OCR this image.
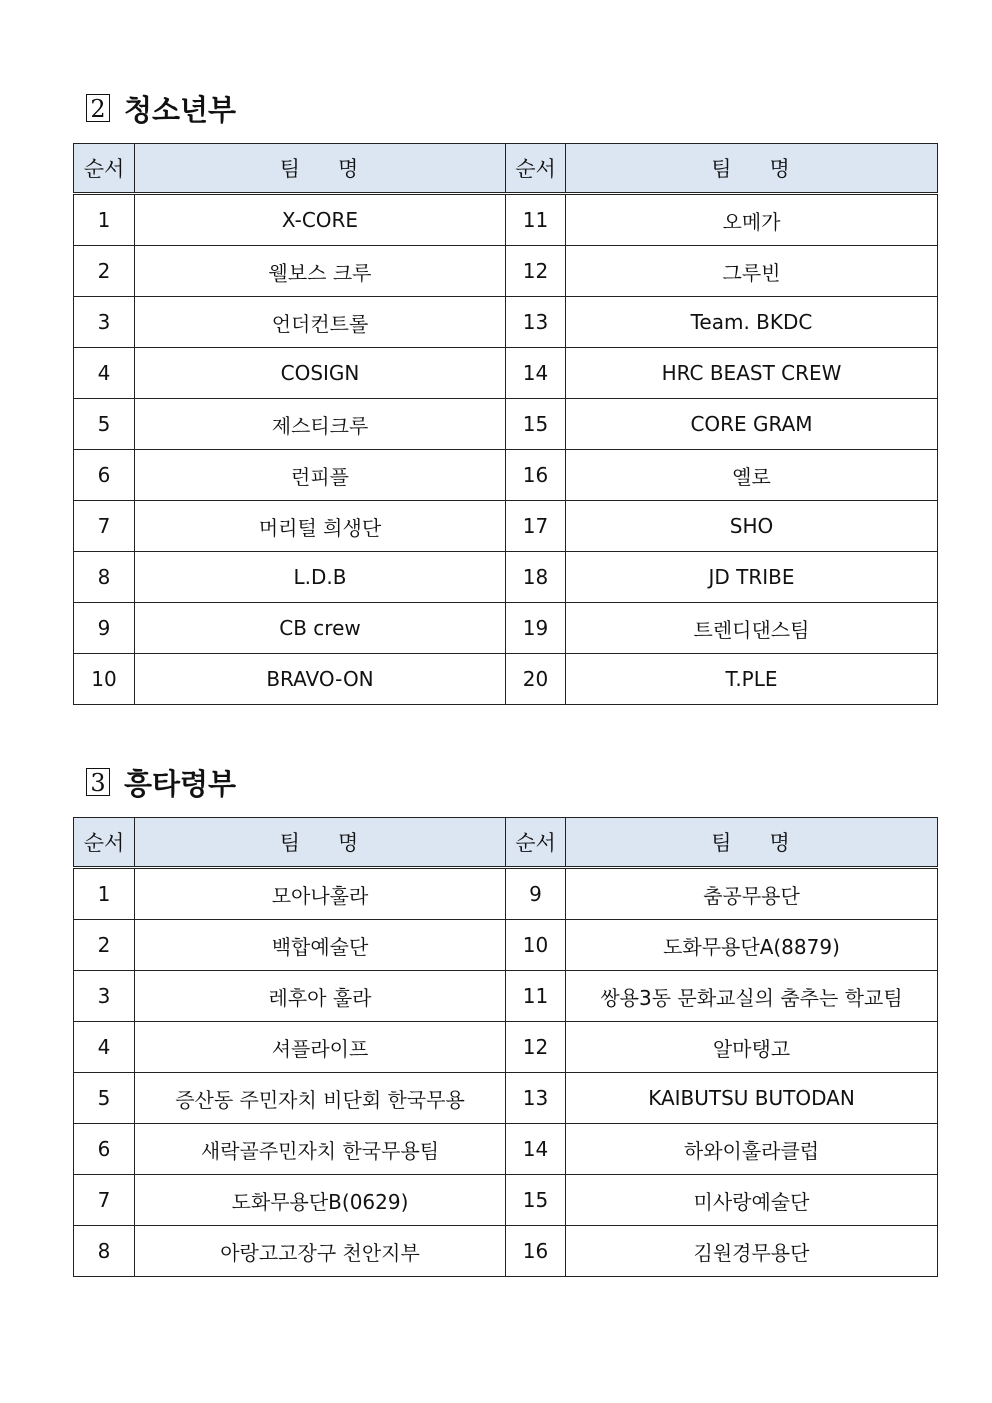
2 청소년부
순서	팀 명	순서	팀 명
1	X-CORE	11	오메가
2	웰보스 크루	12	그루빈
3	언더컨트롤	13	Team. BKDC
4	COSIGN	14	HRC BEAST CREW
5	제스티크루	15	CORE GRAM
6	런피플	16	옐로
7	머리털 희생단	17	SHO
8	L.D.B	18	JD TRIBE
9	CB crew	19	트렌디댄스팀
10	BRAVO-ON	20	T.PLE
3 흥타령부
순서	팀 명	순서	팀 명
1	모아나훌라	9	춤공무용단
2	백합예술단	10	도화무용단A(8879)
3	레후아 훌라	11	쌍용3동 문화교실의 춤추는 학교팀
4	셔플라이프	12	알마탱고
5	증산동 주민자치 비단회 한국무용	13	KAIBUTSU BUTODAN
6	새락골주민자치 한국무용팀	14	하와이훌라클럽
7	도화무용단B(0629)	15	미사랑예술단
8	아랑고고장구 천안지부	16	김원경무용단
